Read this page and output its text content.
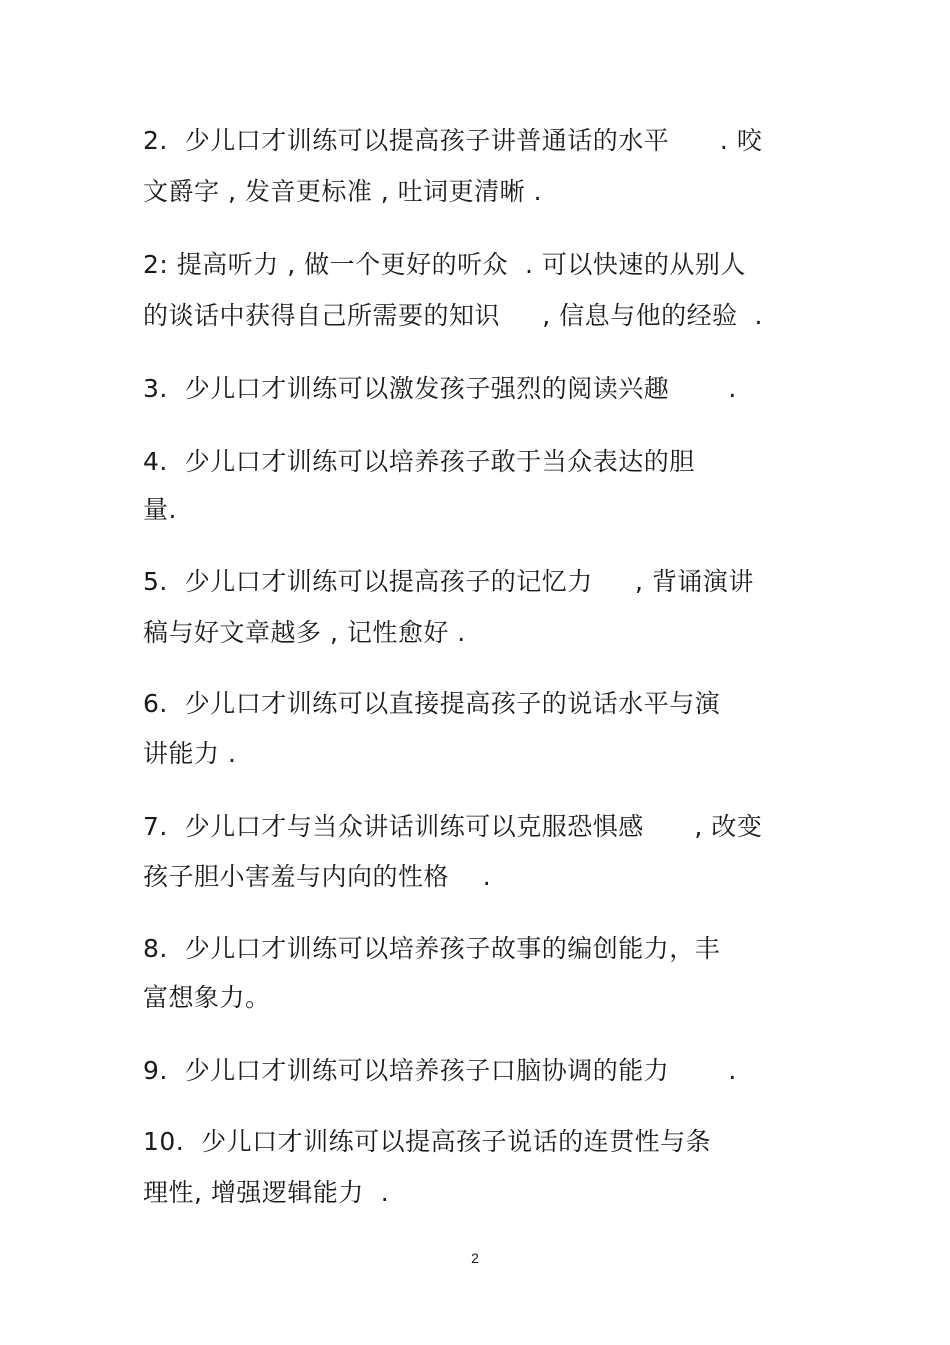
2.  少儿口才训练可以提高孩子讲普通话的水平      . 咬
文爵字 , 发音更标准 , 吐词更清晰 .
2: 提高听力 , 做一个更好的听众  . 可以快速的从别人
的谈话中获得自己所需要的知识     , 信息与他的经验  .
3.  少儿口才训练可以激发孩子强烈的阅读兴趣       .
4.  少儿口才训练可以培养孩子敢于当众表达的胆
量.
5.  少儿口才训练可以提高孩子的记忆力     , 背诵演讲
稿与好文章越多 , 记性愈好 .
6.  少儿口才训练可以直接提高孩子的说话水平与演
讲能力 .
7.  少儿口才与当众讲话训练可以克服恐惧感      , 改变
孩子胆小害羞与内向的性格    .
8.  少儿口才训练可以培养孩子故事的编创能力，丰
富想象力。
9.  少儿口才训练可以培养孩子口脑协调的能力       .
10.  少儿口才训练可以提高孩子说话的连贯性与条
理性, 增强逻辑能力  .
2
